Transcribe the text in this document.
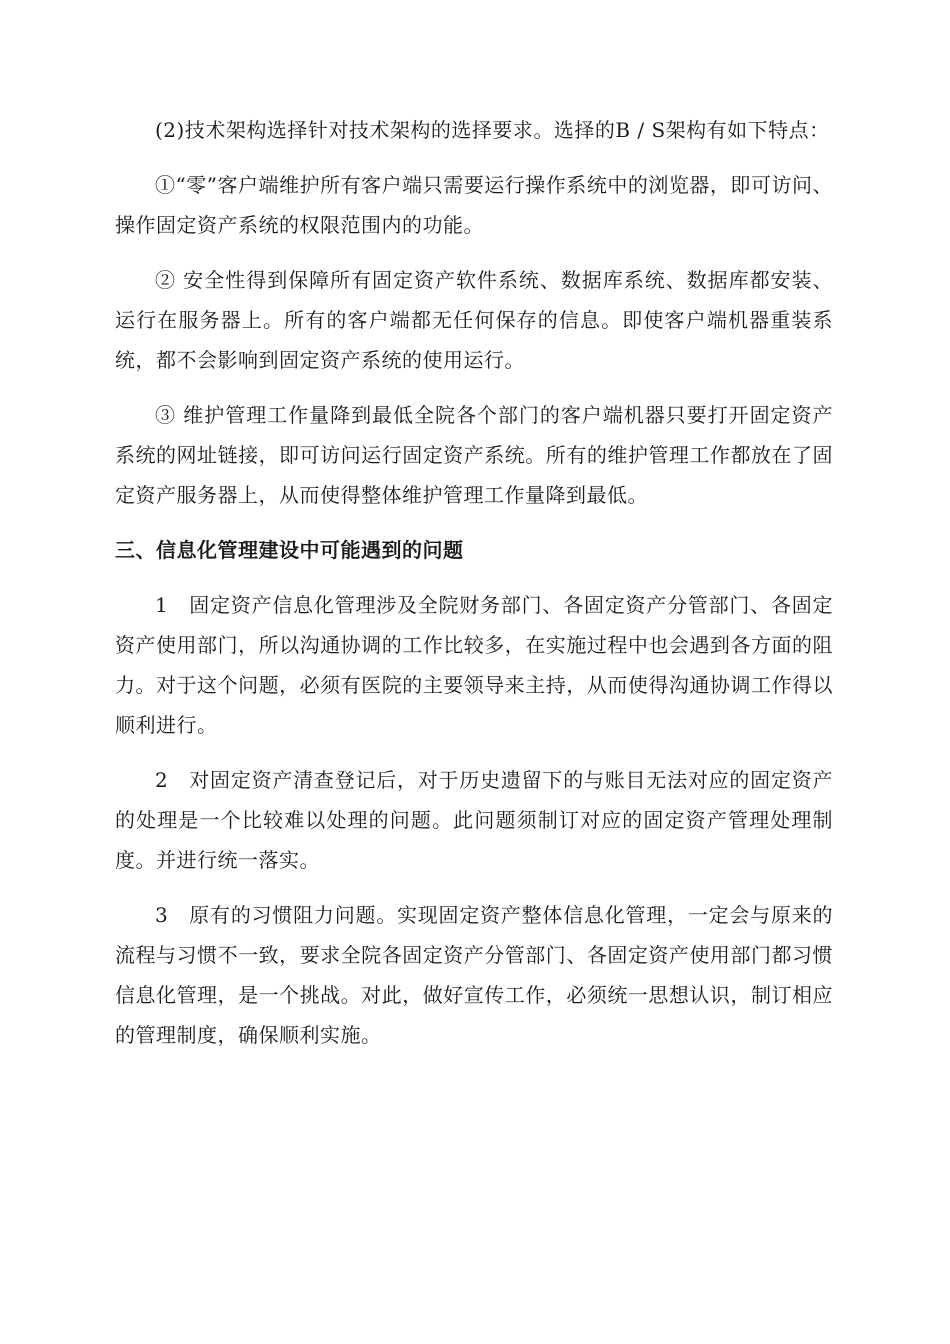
(2)技术架构选择针对技术架构的选择要求。选择的B / S架构有如下特点：

①“零”客户端维护所有客户端只需要运行操作系统中的浏览器，即可访问、操作固定资产系统的权限范围内的功能。

② 安全性得到保障所有固定资产软件系统、数据库系统、数据库都安装、运行在服务器上。所有的客户端都无任何保存的信息。即使客户端机器重装系统，都不会影响到固定资产系统的使用运行。

③ 维护管理工作量降到最低全院各个部门的客户端机器只要打开固定资产系统的网址链接，即可访问运行固定资产系统。所有的维护管理工作都放在了固定资产服务器上，从而使得整体维护管理工作量降到最低。

三、信息化管理建设中可能遇到的问题

1　固定资产信息化管理涉及全院财务部门、各固定资产分管部门、各固定资产使用部门，所以沟通协调的工作比较多，在实施过程中也会遇到各方面的阻力。对于这个问题，必须有医院的主要领导来主持，从而使得沟通协调工作得以顺利进行。

2　对固定资产清查登记后，对于历史遗留下的与账目无法对应的固定资产的处理是一个比较难以处理的问题。此问题须制订对应的固定资产管理处理制度。并进行统一落实。

3　原有的习惯阻力问题。实现固定资产整体信息化管理，一定会与原来的流程与习惯不一致，要求全院各固定资产分管部门、各固定资产使用部门都习惯信息化管理，是一个挑战。对此，做好宣传工作，必须统一思想认识，制订相应的管理制度，确保顺利实施。
